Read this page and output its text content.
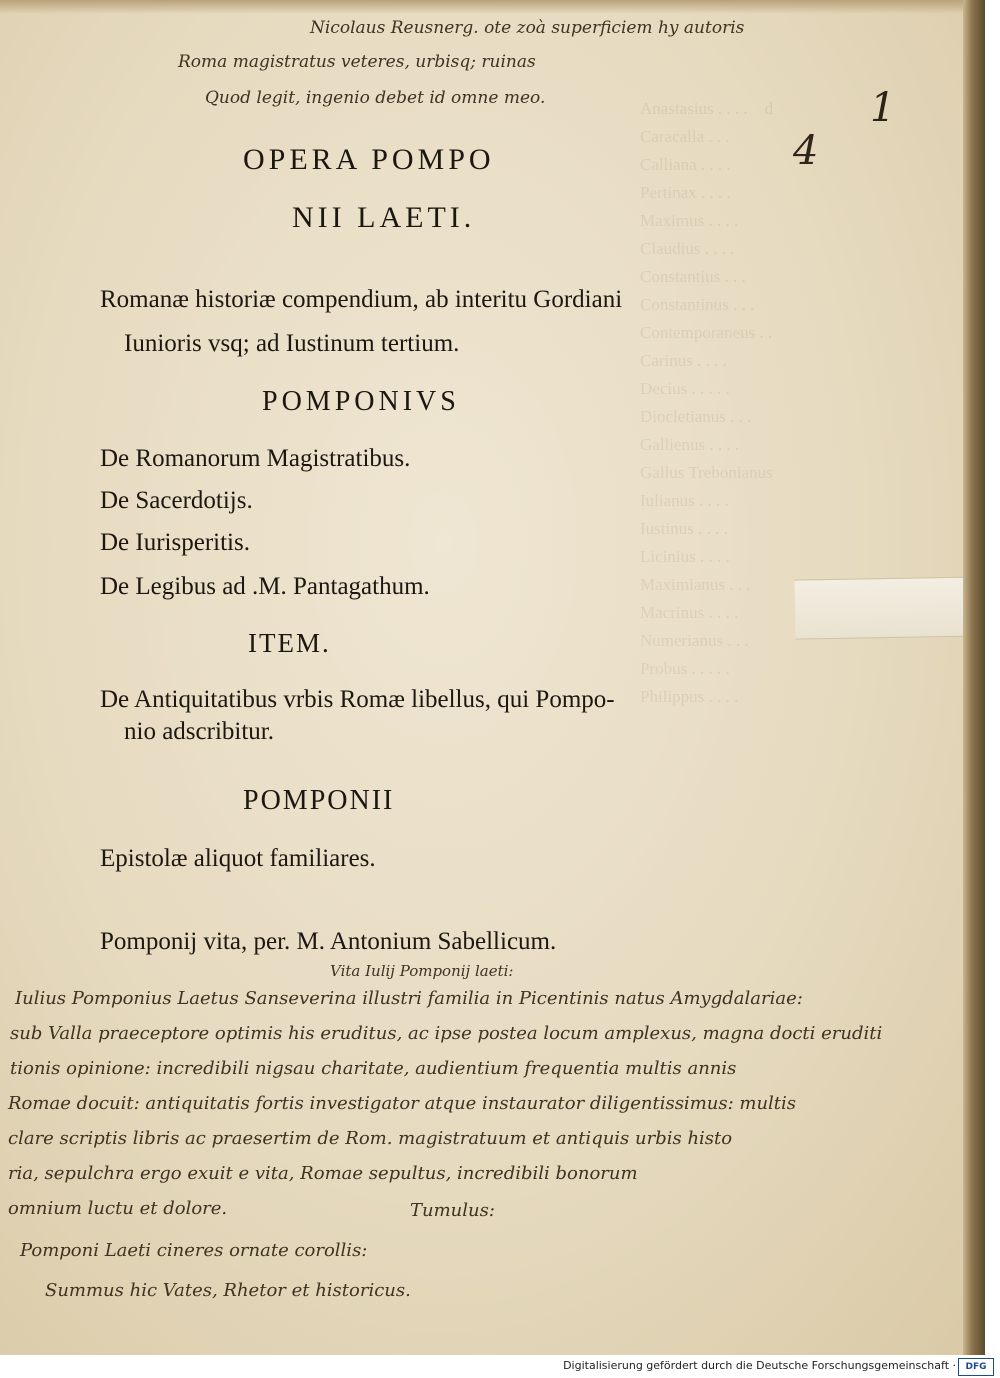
Anastasius . . . .    d
Caracalla . . .
Calliana . . . .
Pertinax . . . .
Maximus . . . .
Claudius . . . .
Constantius . . .
Constantinus . . .
Contemporaneus . .
Carinus . . . .
Decius . . . . .
Diocletianus . . .
Gallienus . . . .
Gallus Trebonianus
Iulianus . . . .
Iustinus . . . .
Licinius . . . .
Maximianus . . .
Macrinus . . . .
Numerianus . . .
Probus . . . . .
Philippus . . . .
Nicolaus Reusnerg. ote zoà superficiem hy autoris
Roma magistratus veteres, urbisq; ruinas
Quod legit, ingenio debet id omne meo.	1
4
OPERA POMPO
NII LAETI.
Romanæ historiæ compendium, ab interitu Gordiani
Iunioris vsq; ad Iustinum tertium.
POMPONIVS
De Romanorum Magistratibus.
De Sacerdotijs.
De Iurisperitis.
De Legibus ad .M. Pantagathum.
ITEM.
De Antiquitatibus vrbis Romæ libellus, qui Pompo-
nio adscribitur.
POMPONII
Epistolæ aliquot familiares.
Pomponij vita, per. M. Antonium Sabellicum.
Vita Iulij Pomponij laeti:
Iulius Pomponius Laetus Sanseverina illustri familia in Picentinis natus Amygdalariae:
sub Valla praeceptore optimis his eruditus, ac ipse postea locum amplexus, magna docti eruditi
tionis opinione: incredibili nigsau charitate, audientium frequentia multis annis
Romae docuit: antiquitatis fortis investigator atque instaurator diligentissimus: multis
clare scriptis libris ac praesertim de Rom. magistratuum et antiquis urbis histo
ria, sepulchra ergo exuit e vita, Romae sepultus, incredibili bonorum
omnium luctu et dolore.	Tumulus:
Pomponi Laeti cineres ornate corollis:
Summus hic Vates, Rhetor et historicus.
Digitalisierung gefördert durch die Deutsche Forschungsgemeinschaft ·	DFG
